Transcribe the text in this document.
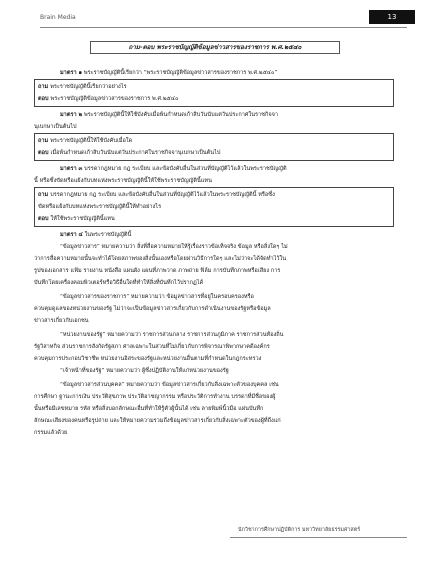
Brain Media	13
ถาม-ตอบ พระราชบัญญัติข้อมูลข่าวสารของราชการ พ.ศ.๒๕๔๐

มาตรา ๑ พระราชบัญญัตินี้เรียกว่า “พระราชบัญญัติข้อมูลข่าวสารของราชการ พ.ศ.๒๕๔๐”

ถาม พระราชบัญญัตินี้เรียกว่าอย่างไร
ตอบ พระราชบัญญัติข้อมูลข่าวสารของราชการ พ.ศ.๒๕๔๐

มาตรา ๒ พระราชบัญญัตินี้ให้ใช้บังคับเมื่อพ้นกำหนดเก้าสิบวันนับแต่วันประกาศในราชกิจจา

นุเบกษาเป็นต้นไป

ถาม พระราชบัญญัตินี้ให้ใช้บังคับเมื่อใด
ตอบ เมื่อพ้นกำหนดเก้าสิบวันนับแต่วันประกาศในราชกิจจานุเบกษาเป็นต้นไป

มาตรา ๓ บรรดากฎหมาย กฎ ระเบียบ และข้อบังคับอื่นในส่วนที่บัญญัติไว้แล้วในพระราชบัญญัติ

นี้ หรือซึ่งขัดหรือแย้งกับบทแห่งพระราชบัญญัตินี้ให้ใช้พระราชบัญญัตินี้แทน

ถาม บรรดากฎหมาย กฎ ระเบียบ และข้อบังคับอื่นในส่วนที่บัญญัติไว้แล้วในพระราชบัญญัตินี้ หรือซึ่ง
ขัดหรือแย้งกับบทแห่งพระราชบัญญัตินี้ให้ทำอย่างไร
ตอบ ให้ใช้พระราชบัญญัตินี้แทน

มาตรา ๔ ในพระราชบัญญัตินี้

“ข้อมูลข่าวสาร” หมายความว่า สิ่งที่สื่อความหมายให้รู้เรื่องราวข้อเท็จจริง ข้อมูล หรือสิ่งใดๆ ไม่

ว่าการสื่อความหมายนั้นจะทำได้โดยสภาพของสิ่งนั้นเองหรือโดยผ่านวิธีการใดๆ และไม่ว่าจะได้จัดทำไว้ใน

รูปของเอกสาร แฟ้ม รายงาน หนังสือ แผนผัง แผนที่ภาพวาด ภาพถ่าย ฟิล์ม การบันทึกภาพหรือเสียง การ

บันทึกโดยเครื่องคอมพิวเตอร์หรือวิธีอื่นใดที่ทำให้สิ่งที่บันทึกไว้ปรากฏได้

“ข้อมูลข่าวสารของราชการ” หมายความว่า ข้อมูลข่าวสารที่อยู่ในครอบครองหรือ

ควบคุมดูแลของหน่วยงานของรัฐ ไม่ว่าจะเป็นข้อมูลข่าวสารเกี่ยวกับการดำเนินงานของรัฐหรือข้อมูล

ข่าวสารเกี่ยวกับเอกชน

“หน่วยงานของรัฐ” หมายความว่า ราชการส่วนกลาง ราชการส่วนภูมิภาค ราชการส่วนท้องถิ่น

รัฐวิสาหกิจ ส่วนราชการสังกัดรัฐสภา ศาลเฉพาะในส่วนที่ไม่เกี่ยวกับการพิจารณาพิพากษาคดีองค์กร

ควบคุมการประกอบวิชาชีพ หน่วยงานอิสระของรัฐและหน่วยงานอื่นตามที่กำหนดในกฎกระทรวง

“เจ้าหน้าที่ของรัฐ” หมายความว่า ผู้ซึ่งปฏิบัติงานให้แก่หน่วยงานของรัฐ

“ข้อมูลข่าวสารส่วนบุคคล” หมายความว่า ข้อมูลข่าวสารเกี่ยวกับสิ่งเฉพาะตัวของบุคคล เช่น

การศึกษา ฐานะการเงิน ประวัติสุขภาพ ประวัติอาชญากรรม หรือประวัติการทำงาน บรรดาที่มีชื่อของผู้

นั้นหรือมีเลขหมาย รหัส หรือสิ่งบอกลักษณะอื่นที่ทำให้รู้ตัวผู้นั้นได้ เช่น ลายพิมพ์นิ้วมือ แผ่นบันทึก

ลักษณะเสียงของคนหรือรูปถ่าย และให้หมายความรวมถึงข้อมูลข่าวสารเกี่ยวกับสิ่งเฉพาะตัวของผู้ที่ถึงแก่

กรรมแล้วด้วย

นักวิชาการศึกษาปฏิบัติการ มหาวิทยาลัยธรรมศาสตร์
